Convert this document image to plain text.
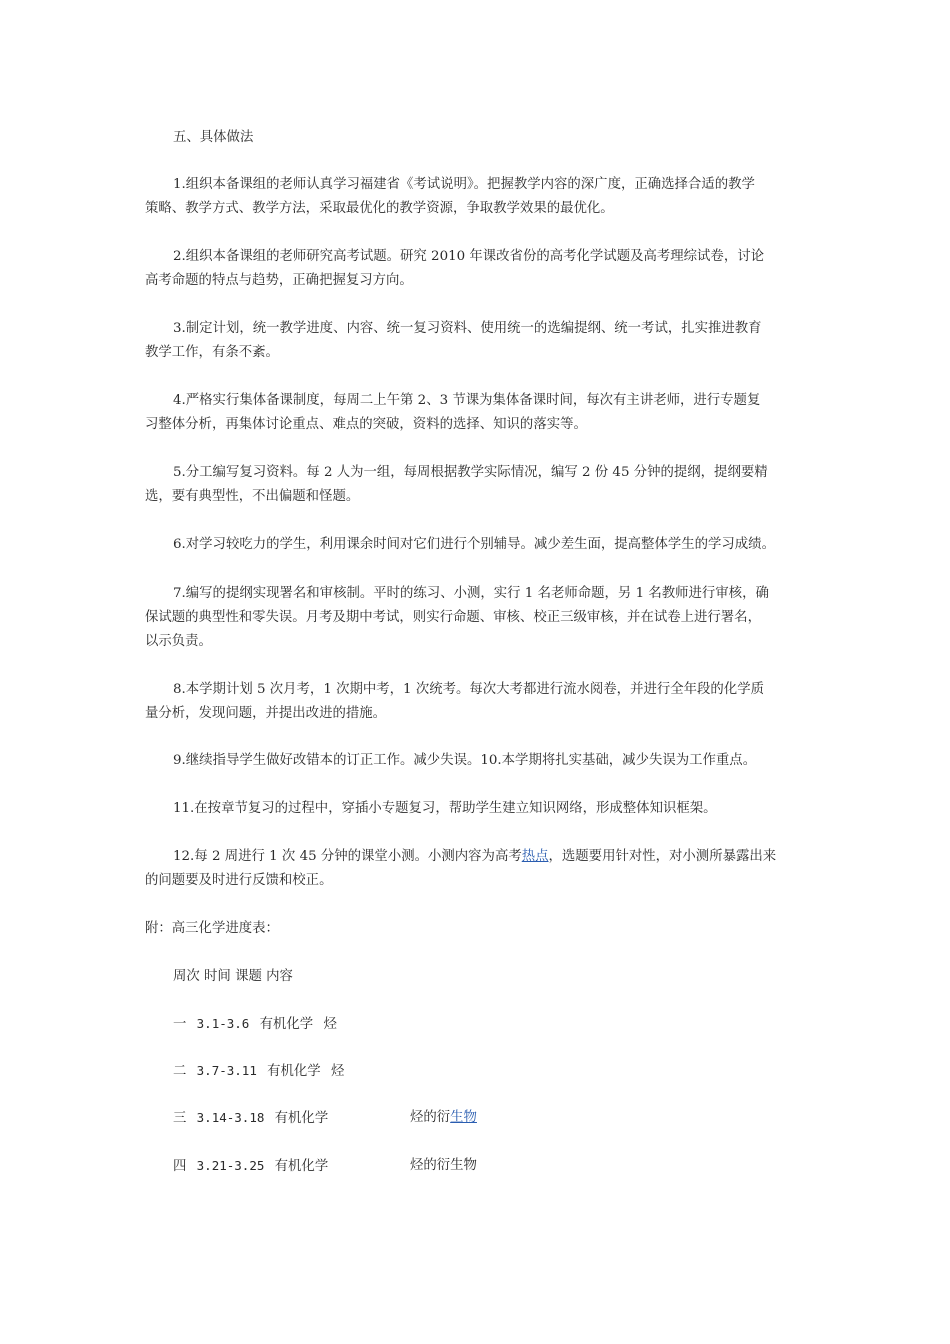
五、具体做法

1.组织本备课组的老师认真学习福建省《考试说明》。把握教学内容的深广度，正确选择合适的教学
策略、教学方式、教学方法，采取最优化的教学资源，争取教学效果的最优化。

2.组织本备课组的老师研究高考试题。研究 2010 年课改省份的高考化学试题及高考理综试卷，讨论
高考命题的特点与趋势，正确把握复习方向。

3.制定计划，统一教学进度、内容、统一复习资料、使用统一的选编提纲、统一考试，扎实推进教育
教学工作，有条不紊。

4.严格实行集体备课制度，每周二上午第 2、3 节课为集体备课时间，每次有主讲老师，进行专题复
习整体分析，再集体讨论重点、难点的突破，资料的选择、知识的落实等。

5.分工编写复习资料。每 2 人为一组，每周根据教学实际情况，编写 2 份 45 分钟的提纲，提纲要精
选，要有典型性，不出偏题和怪题。

6.对学习较吃力的学生，利用课余时间对它们进行个别辅导。减少差生面，提高整体学生的学习成绩。

7.编写的提纲实现署名和审核制。平时的练习、小测，实行 1 名老师命题，另 1 名教师进行审核，确
保试题的典型性和零失误。月考及期中考试，则实行命题、审核、校正三级审核，并在试卷上进行署名，
以示负责。

8.本学期计划 5 次月考，1 次期中考，1 次统考。每次大考都进行流水阅卷，并进行全年段的化学质
量分析，发现问题，并提出改进的措施。

9.继续指导学生做好改错本的订正工作。减少失误。10.本学期将扎实基础，减少失误为工作重点。

11.在按章节复习的过程中，穿插小专题复习，帮助学生建立知识网络，形成整体知识框架。

12.每 2 周进行 1 次 45 分钟的课堂小测。小测内容为高考热点，选题要用针对性，对小测所暴露出来
的问题要及时进行反馈和校正。

附：高三化学进度表：

周次 时间 课题 内容
一 3.1-3.6 有机化学 烃
二 3.7-3.11 有机化学 烃
三 3.14-3.18 有机化学	烃的衍生物
四 3.21-3.25 有机化学	烃的衍生物
